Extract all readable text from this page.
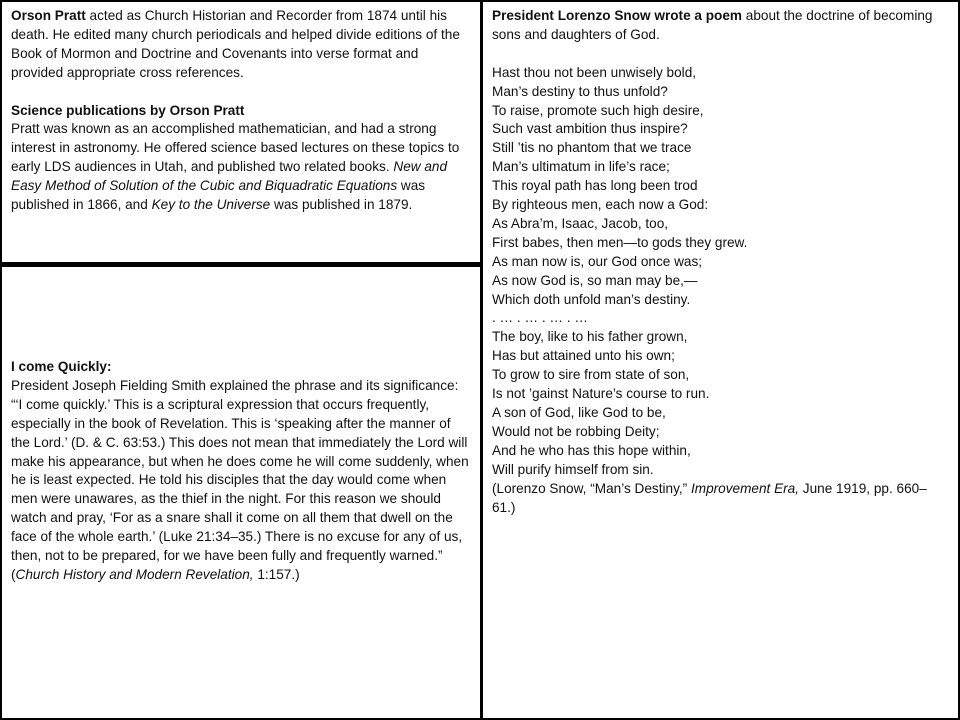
Orson Pratt acted as Church Historian and Recorder from 1874 until his death. He edited many church periodicals and helped divide editions of the Book of Mormon and Doctrine and Covenants into verse format and provided appropriate cross references.

Science publications by Orson Pratt

Pratt was known as an accomplished mathematician, and had a strong interest in astronomy. He offered science based lectures on these topics to early LDS audiences in Utah, and published two related books. New and Easy Method of Solution of the Cubic and Biquadratic Equations was published in 1866, and Key to the Universe was published in 1879.

I come Quickly:

President Joseph Fielding Smith explained the phrase and its significance:

“‘I come quickly.’ This is a scriptural expression that occurs frequently, especially in the book of Revelation. This is ‘speaking after the manner of the Lord.’ (D. & C. 63:53.) This does not mean that immediately the Lord will make his appearance, but when he does come he will come suddenly, when he is least expected. He told his disciples that the day would come when men were unawares, as the thief in the night. For this reason we should watch and pray, ‘For as a snare shall it come on all them that dwell on the face of the whole earth.’ (Luke 21:34–35.) There is no excuse for any of us, then, not to be prepared, for we have been fully and frequently warned.” (Church History and Modern Revelation, 1:157.)

President Lorenzo Snow wrote a poem about the doctrine of becoming sons and daughters of God.

Hast thou not been unwisely bold,

Man’s destiny to thus unfold?

To raise, promote such high desire,

Such vast ambition thus inspire?

Still ’tis no phantom that we trace

Man’s ultimatum in life’s race;

This royal path has long been trod

By righteous men, each now a God:

As Abra’m, Isaac, Jacob, too,

First babes, then men—to gods they grew.

As man now is, our God once was;

As now God is, so man may be,—

Which doth unfold man’s destiny.

. … . … . … . …

The boy, like to his father grown,

Has but attained unto his own;

To grow to sire from state of son,

Is not ’gainst Nature’s course to run.

A son of God, like God to be,

Would not be robbing Deity;

And he who has this hope within,

Will purify himself from sin.

(Lorenzo Snow, “Man’s Destiny,” Improvement Era, June 1919, pp. 660–61.)
